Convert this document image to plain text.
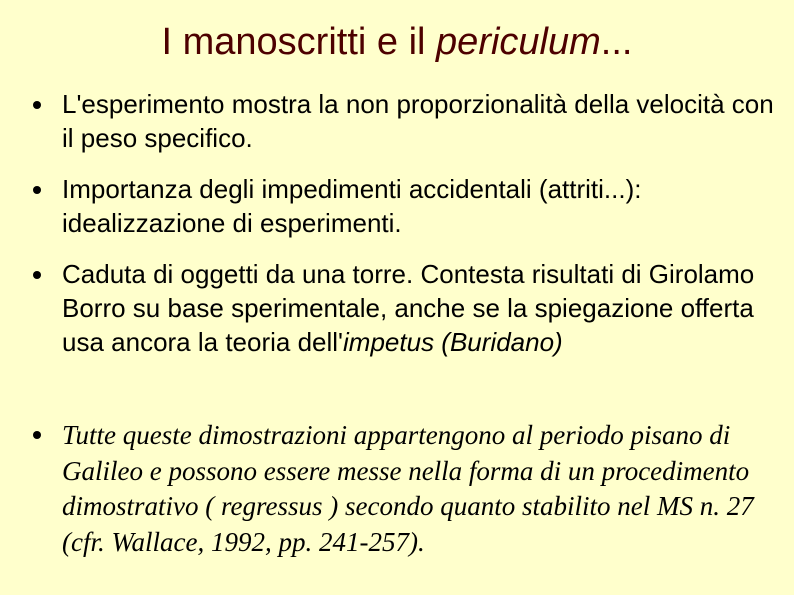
I manoscritti e il periculum...
L'esperimento mostra la non proporzionalità della velocità con il peso specifico.
Importanza degli impedimenti accidentali (attriti...): idealizzazione di esperimenti.
Caduta di oggetti da una torre. Contesta risultati di Girolamo Borro su base sperimentale, anche se la spiegazione offerta usa ancora la teoria dell'impetus (Buridano)
Tutte queste dimostrazioni appartengono al periodo pisano di Galileo e possono essere messe nella forma di un procedimento dimostrativo ( regressus ) secondo quanto stabilito nel MS n. 27 (cfr. Wallace, 1992, pp. 241-257).
